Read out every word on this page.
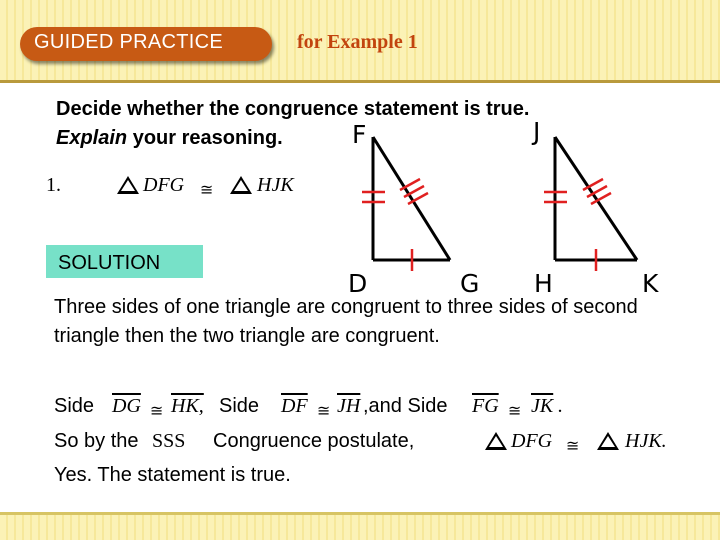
GUIDED PRACTICE	for Example 1
Decide whether the congruence statement is true.
Explain your reasoning.
1.	DFG ≅ HJK
F
D	G
J
H	K
SOLUTION
Three sides of one triangle are congruent to three sides of second triangle then the two triangle are congruent.
Side $\overline{DG}$ ≅ HK, Side $\overline{DF}$ ≅ $\overline{JH}$ ,and Side $\overline{FG}$ ≅ $\overline{JK}$ .
So by the SSS Congruence postulate,	DFG ≅ HJK.
Yes. The statement is true.
